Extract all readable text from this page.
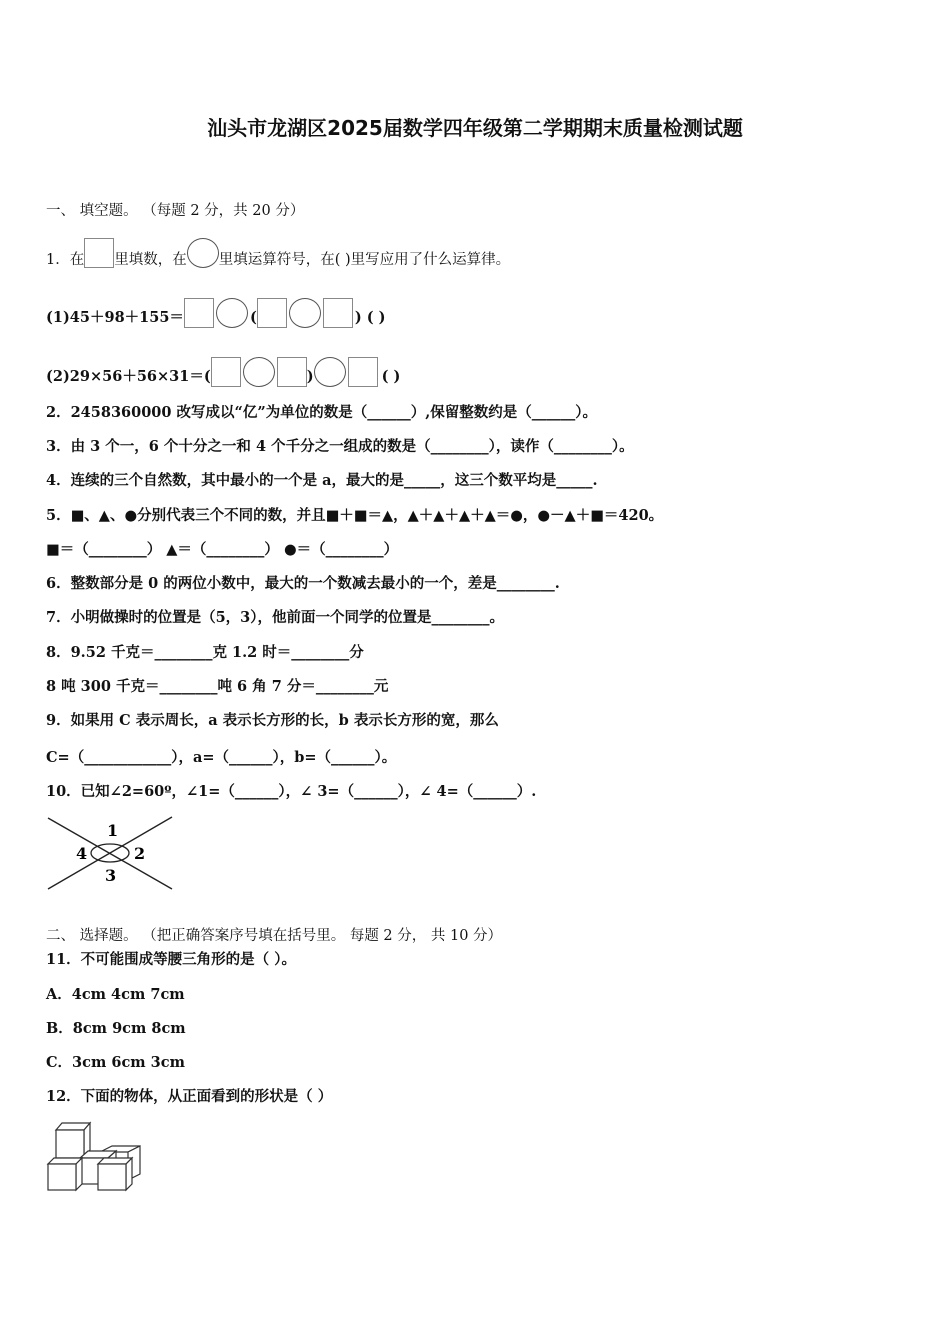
汕头市龙湖区2025届数学四年级第二学期期末质量检测试题
一、 填空题。 （每题 2 分，共 20 分）
1．在 里填数，在 里填运算符号，在( )里写应用了什么运算律。
(1)45＋98＋155＝	(	) ( )
(2)29×56＋56×31＝(	)	( )
2．2458360000 改写成以“亿”为单位的数是（______）,保留整数约是（______）。
3．由 3 个一，6 个十分之一和 4 个千分之一组成的数是（________），读作（________）。
4．连续的三个自然数，其中最小的一个是 a，最大的是_____，这三个数平均是_____.
5．■、▲、●分别代表三个不同的数，并且■＋■＝▲，▲＋▲＋▲＋▲＝●，●－▲＋■＝420。
■＝（________） ▲＝（________） ●＝（________）
6．整数部分是 0 的两位小数中，最大的一个数减去最小的一个，差是________.
7．小明做操时的位置是（5，3），他前面一个同学的位置是________。
8．9.52 千克＝________克 1.2 时＝________分
8 吨 300 千克＝________吨 6 角 7 分＝________元
9．如果用 C 表示周长，a 表示长方形的长，b 表示长方形的宽，那么
C=（____________），a=（______），b=（______）。
10．已知∠2=60º，∠1=（______），∠ 3=（______），∠ 4=（______）.
1
2
3
4
二、 选择题。 （把正确答案序号填在括号里。 每题 2 分， 共 10 分）
11．不可能围成等腰三角形的是（ ）。
A．4cm 4cm 7cm
B．8cm 9cm 8cm
C．3cm 6cm 3cm
12．下面的物体，从正面看到的形状是（ ）
